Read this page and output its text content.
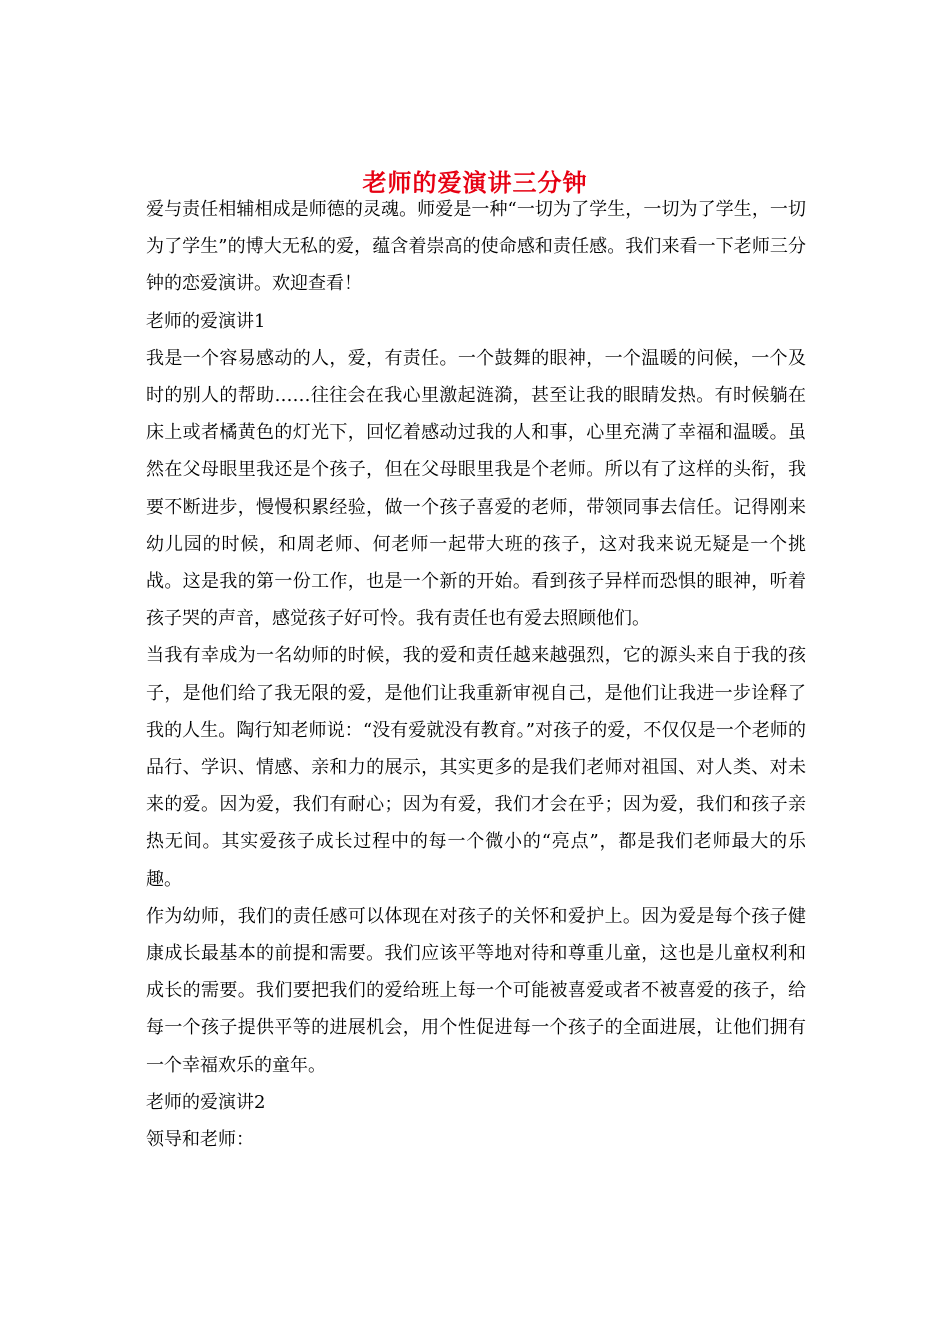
老师的爱演讲三分钟

爱与责任相辅相成是师德的灵魂。师爱是一种“一切为了学生，一切为了学生，一切为了学生”的博大无私的爱，蕴含着崇高的使命感和责任感。我们来看一下老师三分钟的恋爱演讲。欢迎查看！

老师的爱演讲1

我是一个容易感动的人，爱，有责任。一个鼓舞的眼神，一个温暖的问候，一个及时的别人的帮助……往往会在我心里激起涟漪，甚至让我的眼睛发热。有时候躺在床上或者橘黄色的灯光下，回忆着感动过我的人和事，心里充满了幸福和温暖。虽然在父母眼里我还是个孩子，但在父母眼里我是个老师。所以有了这样的头衔，我要不断进步，慢慢积累经验，做一个孩子喜爱的老师，带领同事去信任。记得刚来幼儿园的时候，和周老师、何老师一起带大班的孩子，这对我来说无疑是一个挑战。这是我的第一份工作，也是一个新的开始。看到孩子异样而恐惧的眼神，听着孩子哭的声音，感觉孩子好可怜。我有责任也有爱去照顾他们。

当我有幸成为一名幼师的时候，我的爱和责任越来越强烈，它的源头来自于我的孩子，是他们给了我无限的爱，是他们让我重新审视自己，是他们让我进一步诠释了我的人生。陶行知老师说：“没有爱就没有教育。”对孩子的爱，不仅仅是一个老师的品行、学识、情感、亲和力的展示，其实更多的是我们老师对祖国、对人类、对未来的爱。因为爱，我们有耐心；因为有爱，我们才会在乎；因为爱，我们和孩子亲热无间。其实爱孩子成长过程中的每一个微小的“亮点”，都是我们老师最大的乐趣。

作为幼师，我们的责任感可以体现在对孩子的关怀和爱护上。因为爱是每个孩子健康成长最基本的前提和需要。我们应该平等地对待和尊重儿童，这也是儿童权利和成长的需要。我们要把我们的爱给班上每一个可能被喜爱或者不被喜爱的孩子，给每一个孩子提供平等的进展机会，用个性促进每一个孩子的全面进展，让他们拥有一个幸福欢乐的童年。

老师的爱演讲2

领导和老师：
